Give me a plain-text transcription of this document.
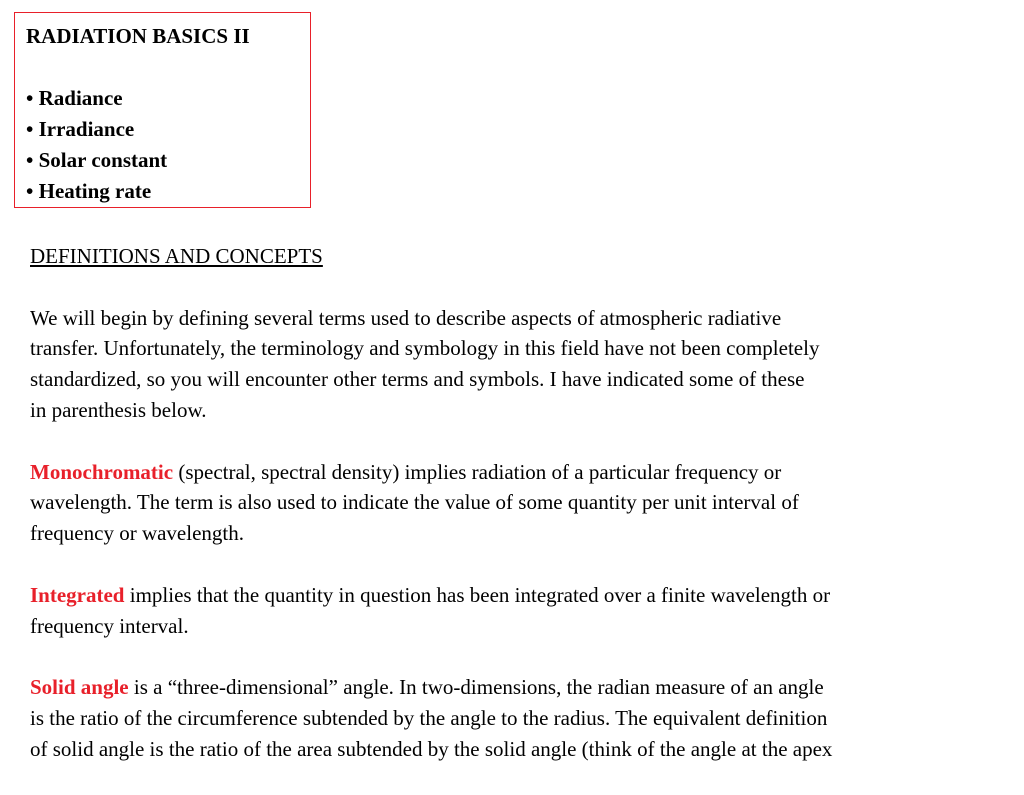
RADIATION BASICS II
• Radiance
• Irradiance
• Solar constant
• Heating rate
DEFINITIONS AND CONCEPTS
We will begin by defining several terms used to describe aspects of atmospheric radiative
transfer. Unfortunately, the terminology and symbology in this field have not been completely
standardized, so you will encounter other terms and symbols. I have indicated some of these
in parenthesis below.
Monochromatic (spectral, spectral density) implies radiation of a particular frequency or
wavelength. The term is also used to indicate the value of some quantity per unit interval of
frequency or wavelength.
Integrated implies that the quantity in question has been integrated over a finite wavelength or
frequency interval.
Solid angle is a “three-dimensional” angle. In two-dimensions, the radian measure of an angle
is the ratio of the circumference subtended by the angle to the radius. The equivalent definition
of solid angle is the ratio of the area subtended by the solid angle (think of the angle at the apex
